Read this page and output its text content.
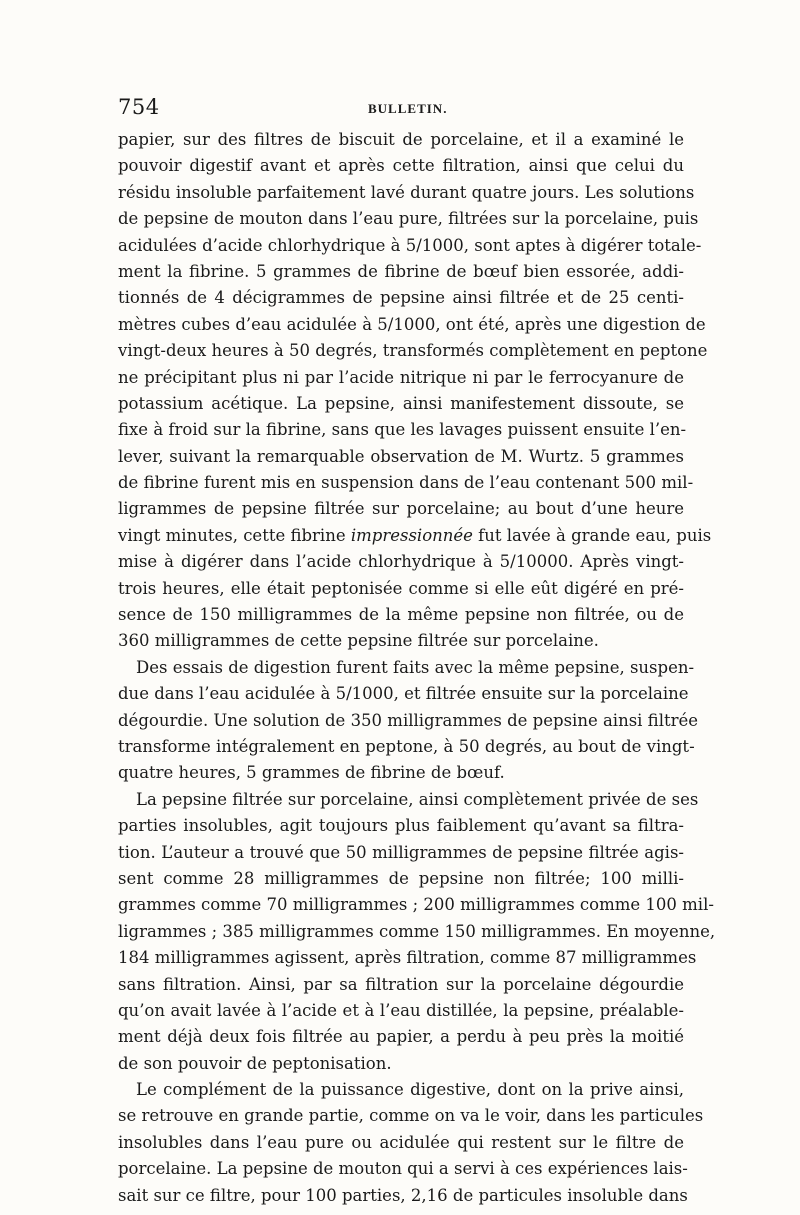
754	BULLETIN.
papier, sur des filtres de biscuit de porcelaine, et il a examiné le
pouvoir digestif avant et après cette filtration, ainsi que celui du
résidu insoluble parfaitement lavé durant quatre jours. Les solutions
de pepsine de mouton dans l’eau pure, filtrées sur la porcelaine, puis
acidulées d’acide chlorhydrique à 5/1000, sont aptes à digérer totale-
ment la fibrine. 5 grammes de fibrine de bœuf bien essorée, addi-
tionnés de 4 décigrammes de pepsine ainsi filtrée et de 25 centi-
mètres cubes d’eau acidulée à 5/1000, ont été, après une digestion de
vingt-deux heures à 50 degrés, transformés complètement en peptone
ne précipitant plus ni par l’acide nitrique ni par le ferrocyanure de
potassium acétique. La pepsine, ainsi manifestement dissoute, se
fixe à froid sur la fibrine, sans que les lavages puissent ensuite l’en-
lever, suivant la remarquable observation de M. Wurtz. 5 grammes
de fibrine furent mis en suspension dans de l’eau contenant 500 mil-
ligrammes de pepsine filtrée sur porcelaine; au bout d’une heure
vingt minutes, cette fibrine impressionnée fut lavée à grande eau, puis
mise à digérer dans l’acide chlorhydrique à 5/10000. Après vingt-
trois heures, elle était peptonisée comme si elle eût digéré en pré-
sence de 150 milligrammes de la même pepsine non filtrée, ou de
360 milligrammes de cette pepsine filtrée sur porcelaine.
Des essais de digestion furent faits avec la même pepsine, suspen-
due dans l’eau acidulée à 5/1000, et filtrée ensuite sur la porcelaine
dégourdie. Une solution de 350 milligrammes de pepsine ainsi filtrée
transforme intégralement en peptone, à 50 degrés, au bout de vingt-
quatre heures, 5 grammes de fibrine de bœuf.
La pepsine filtrée sur porcelaine, ainsi complètement privée de ses
parties insolubles, agit toujours plus faiblement qu’avant sa filtra-
tion. L’auteur a trouvé que 50 milligrammes de pepsine filtrée agis-
sent comme 28 milligrammes de pepsine non filtrée; 100 milli-
grammes comme 70 milligrammes ; 200 milligrammes comme 100 mil-
ligrammes ; 385 milligrammes comme 150 milligrammes. En moyenne,
184 milligrammes agissent, après filtration, comme 87 milligrammes
sans filtration. Ainsi, par sa filtration sur la porcelaine dégourdie
qu’on avait lavée à l’acide et à l’eau distillée, la pepsine, préalable-
ment déjà deux fois filtrée au papier, a perdu à peu près la moitié
de son pouvoir de peptonisation.
Le complément de la puissance digestive, dont on la prive ainsi,
se retrouve en grande partie, comme on va le voir, dans les particules
insolubles dans l’eau pure ou acidulée qui restent sur le filtre de
porcelaine. La pepsine de mouton qui a servi à ces expériences lais-
sait sur ce filtre, pour 100 parties, 2,16 de particules insoluble dans
